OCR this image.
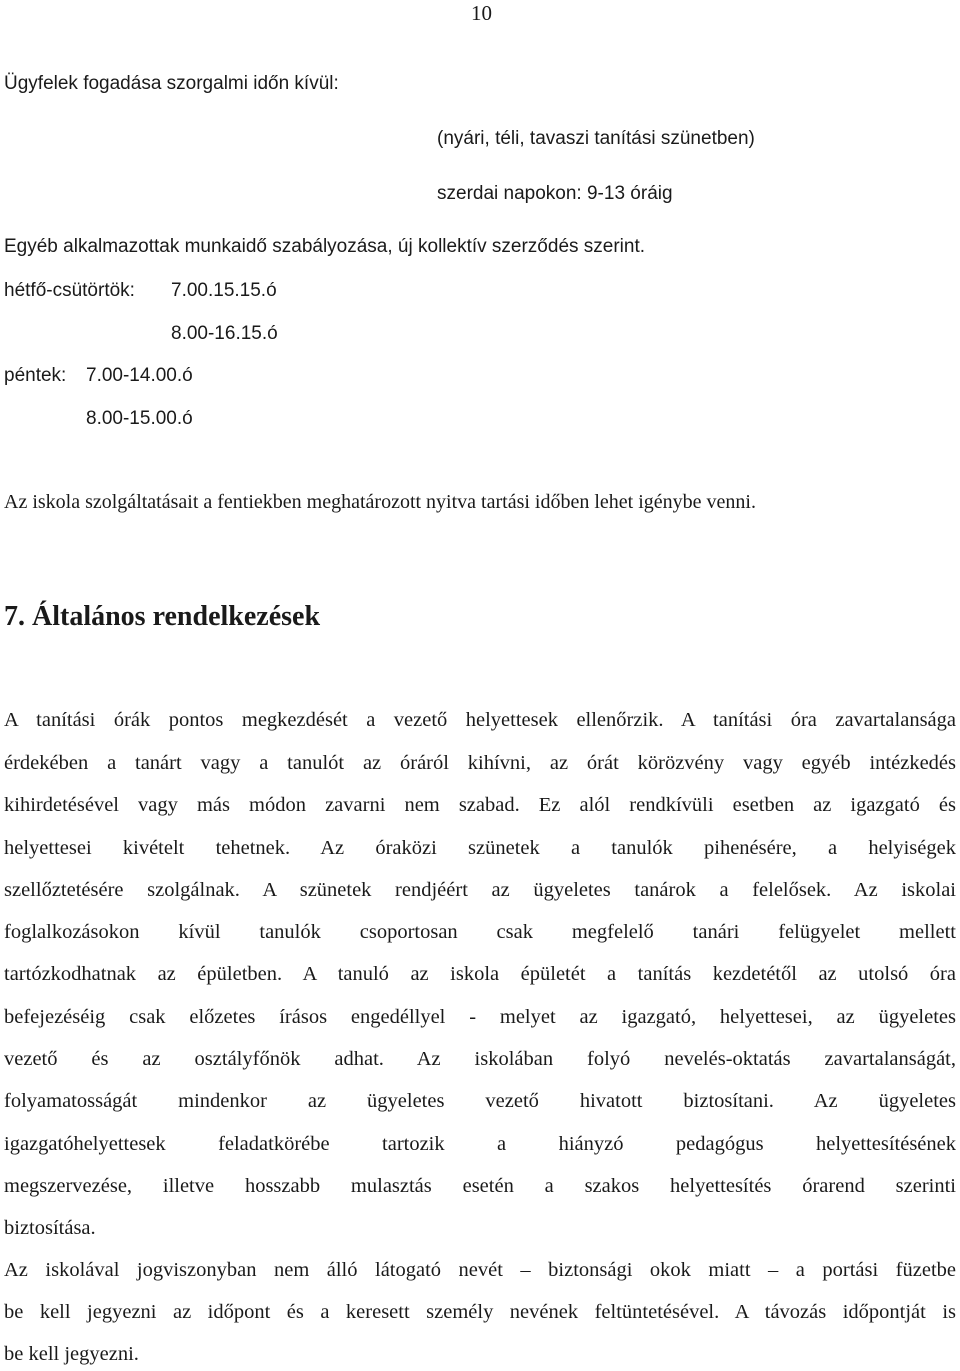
10
Ügyfelek fogadása szorgalmi időn kívül:
(nyári, téli, tavaszi tanítási szünetben)
szerdai napokon: 9-13 óráig
Egyéb alkalmazottak munkaidő szabályozása, új kollektív szerződés szerint.
hétfő-csütörtök: 7.00.15.15.ó
8.00-16.15.ó
péntek: 7.00-14.00.ó
8.00-15.00.ó
Az iskola szolgáltatásait a fentiekben meghatározott nyitva tartási időben lehet igénybe venni.
7. Általános rendelkezések

A tanítási órák pontos megkezdését a vezető helyettesek ellenőrzik. A tanítási óra zavartalansága

érdekében a tanárt vagy a tanulót az óráról kihívni, az órát körözvény vagy egyéb intézkedés

kihirdetésével vagy más módon zavarni nem szabad. Ez alól rendkívüli esetben az igazgató és

helyettesei kivételt tehetnek. Az óraközi szünetek a tanulók pihenésére, a helyiségek

szellőztetésére szolgálnak. A szünetek rendjéért az ügyeletes tanárok a felelősek. Az iskolai

foglalkozásokon kívül tanulók csoportosan csak megfelelő tanári felügyelet mellett

tartózkodhatnak az épületben. A tanuló az iskola épületét a tanítás kezdetétől az utolsó óra

befejezéséig csak előzetes írásos engedéllyel - melyet az igazgató, helyettesei, az ügyeletes

vezető és az osztályfőnök adhat. Az iskolában folyó nevelés-oktatás zavartalanságát,

folyamatosságát mindenkor az ügyeletes vezető hivatott biztosítani. Az ügyeletes

igazgatóhelyettesek feladatkörébe tartozik a hiányzó pedagógus helyettesítésének

megszervezése, illetve hosszabb mulasztás esetén a szakos helyettesítés órarend szerinti

biztosítása.

Az iskolával jogviszonyban nem álló látogató nevét – biztonsági okok miatt – a portási füzetbe

be kell jegyezni az időpont és a keresett személy nevének feltüntetésével. A távozás időpontját is

be kell jegyezni.
